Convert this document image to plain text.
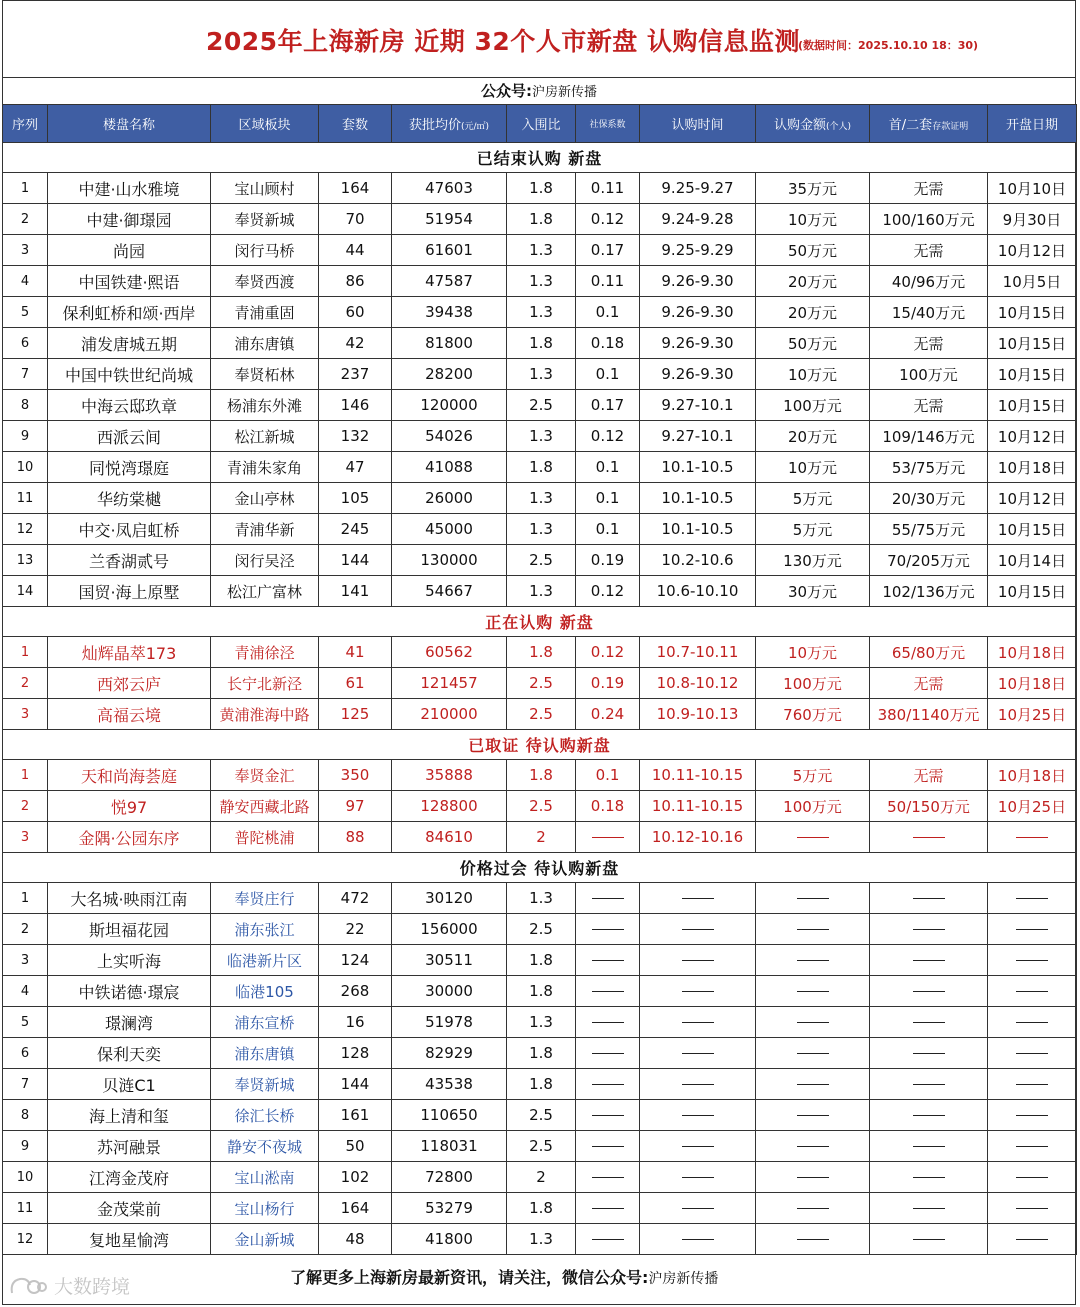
2025年上海新房 近期 32个人市新盘 认购信息监测
(数据时间：2025.10.10 18：30)
公众号:沪房新传播
序列	楼盘名称	区域板块	套数	获批均价(元/㎡)	入围比	社保系数	认购时间	认购金额(个人)	首/二套存款证明	开盘日期
已结束认购 新盘										
1	中建·山水雅境	宝山顾村	164	47603	1.8	0.11	9.25-9.27	35万元	无需	10月10日
2	中建·御璟园	奉贤新城	70	51954	1.8	0.12	9.24-9.28	10万元	100/160万元	9月30日
3	尚园	闵行马桥	44	61601	1.3	0.17	9.25-9.29	50万元	无需	10月12日
4	中国铁建·熙语	奉贤西渡	86	47587	1.3	0.11	9.26-9.30	20万元	40/96万元	10月5日
5	保利虹桥和颂·西岸	青浦重固	60	39438	1.3	0.1	9.26-9.30	20万元	15/40万元	10月15日
6	浦发唐城五期	浦东唐镇	42	81800	1.8	0.18	9.26-9.30	50万元	无需	10月15日
7	中国中铁世纪尚城	奉贤柘林	237	28200	1.3	0.1	9.26-9.30	10万元	100万元	10月15日
8	中海云邸玖章	杨浦东外滩	146	120000	2.5	0.17	9.27-10.1	100万元	无需	10月15日
9	西派云间	松江新城	132	54026	1.3	0.12	9.27-10.1	20万元	109/146万元	10月12日
10	同悦湾璟庭	青浦朱家角	47	41088	1.8	0.1	10.1-10.5	10万元	53/75万元	10月18日
11	华纺棠樾	金山亭林	105	26000	1.3	0.1	10.1-10.5	5万元	20/30万元	10月12日
12	中交·凤启虹桥	青浦华新	245	45000	1.3	0.1	10.1-10.5	5万元	55/75万元	10月15日
13	兰香湖贰号	闵行吴泾	144	130000	2.5	0.19	10.2-10.6	130万元	70/205万元	10月14日
14	国贸·海上原墅	松江广富林	141	54667	1.3	0.12	10.6-10.10	30万元	102/136万元	10月15日
正在认购 新盘										
1	灿辉晶萃173	青浦徐泾	41	60562	1.8	0.12	10.7-10.11	10万元	65/80万元	10月18日
2	西郊云庐	长宁北新泾	61	121457	2.5	0.19	10.8-10.12	100万元	无需	10月18日
3	高福云境	黄浦淮海中路	125	210000	2.5	0.24	10.9-10.13	760万元	380/1140万元	10月25日
已取证 待认购新盘										
1	天和尚海荟庭	奉贤金汇	350	35888	1.8	0.1	10.11-10.15	5万元	无需	10月18日
2	悦97	静安西藏北路	97	128800	2.5	0.18	10.11-10.15	100万元	50/150万元	10月25日
3	金隅·公园东序	普陀桃浦	88	84610	2		10.12-10.16			
价格过会 待认购新盘										
1	大名城·映雨江南	奉贤庄行	472	30120	1.3					
2	斯坦福花园	浦东张江	22	156000	2.5					
3	上实听海	临港新片区	124	30511	1.8					
4	中铁诺德·璟宸	临港105	268	30000	1.8					
5	璟澜湾	浦东宣桥	16	51978	1.3					
6	保利天奕	浦东唐镇	128	82929	1.8					
7	贝涟C1	奉贤新城	144	43538	1.8					
8	海上清和玺	徐汇长桥	161	110650	2.5					
9	苏河融景	静安不夜城	50	118031	2.5					
10	江湾金茂府	宝山淞南	102	72800	2					
11	金茂棠前	宝山杨行	164	53279	1.8					
12	复地星愉湾	金山新城	48	41800	1.3					
了解更多上海新房最新资讯，请关注，微信公众号:沪房新传播
大数跨境
